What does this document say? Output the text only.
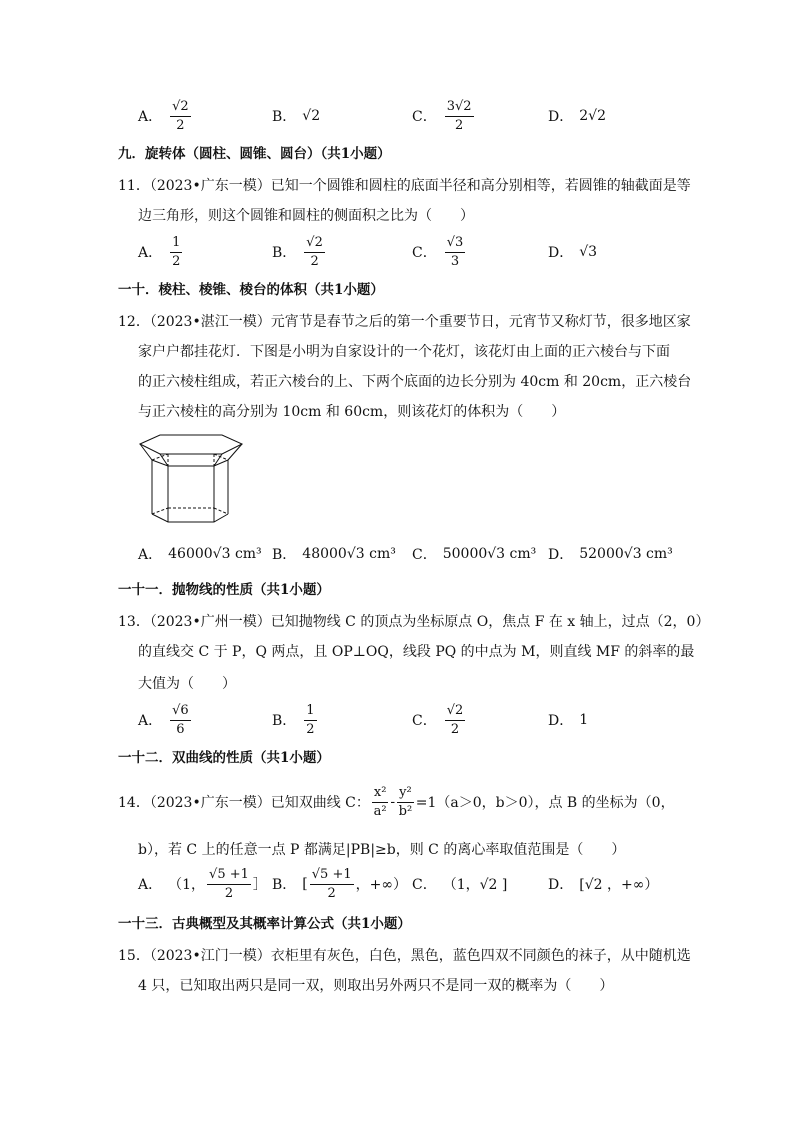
A． $\frac{√2}{2}$	B． √2	C． $\frac{3√2}{2}$	D． 2√2
九．旋转体（圆柱、圆锥、圆台）（共1小题）
11．（2023•广东一模）已知一个圆锥和圆柱的底面半径和高分别相等，若圆锥的轴截面是等
边三角形，则这个圆锥和圆柱的侧面积之比为（　　）
A． $\frac{1}{2}$	B． $\frac{√2}{2}$	C． $\frac{√3}{3}$	D． √3
一十．棱柱、棱锥、棱台的体积（共1小题）
12．（2023•湛江一模）元宵节是春节之后的第一个重要节日，元宵节又称灯节，很多地区家
家户户都挂花灯．下图是小明为自家设计的一个花灯，该花灯由上面的正六棱台与下面
的正六棱柱组成，若正六棱台的上、下两个底面的边长分别为 40cm 和 20cm，正六棱台
与正六棱柱的高分别为 10cm 和 60cm，则该花灯的体积为（　　）
A． 46000√3 cm³ B． 48000√3 cm³ C． 50000√3 cm³ D． 52000√3 cm³
一十一．抛物线的性质（共1小题）
13．（2023•广州一模）已知抛物线 C 的顶点为坐标原点 O，焦点 F 在 x 轴上，过点（2，0）
的直线交 C 于 P，Q 两点，且 OP⊥OQ，线段 PQ 的中点为 M，则直线 MF 的斜率的最
大值为（　　）
A． $\frac{√6}{6}$	B． $\frac{1}{2}$	C． $\frac{√2}{2}$	D． 1
一十二．双曲线的性质（共1小题）
14．（2023•广东一模）已知双曲线 C： $\frac{\text{x²}}{\text{a²}} - \frac{\text{y²}}{\text{b²}} =1(a>0$，b＞0），点 B 的坐标为（0，
b），若 C 上的任意一点 P 都满足|PB|≥b，则 C 的离心率取值范围是（　　）
A． （1， $\frac{√5 +1}{2}$ ］ B． [ $\frac{√5 +1}{2}$ ，+∞） C． （1，√2 ]	D． [√2 ，+∞）
一十三．古典概型及其概率计算公式（共1小题）
15．（2023•江门一模）衣柜里有灰色，白色，黑色，蓝色四双不同颜色的袜子，从中随机选
4 只，已知取出两只是同一双，则取出另外两只不是同一双的概率为（　　）
